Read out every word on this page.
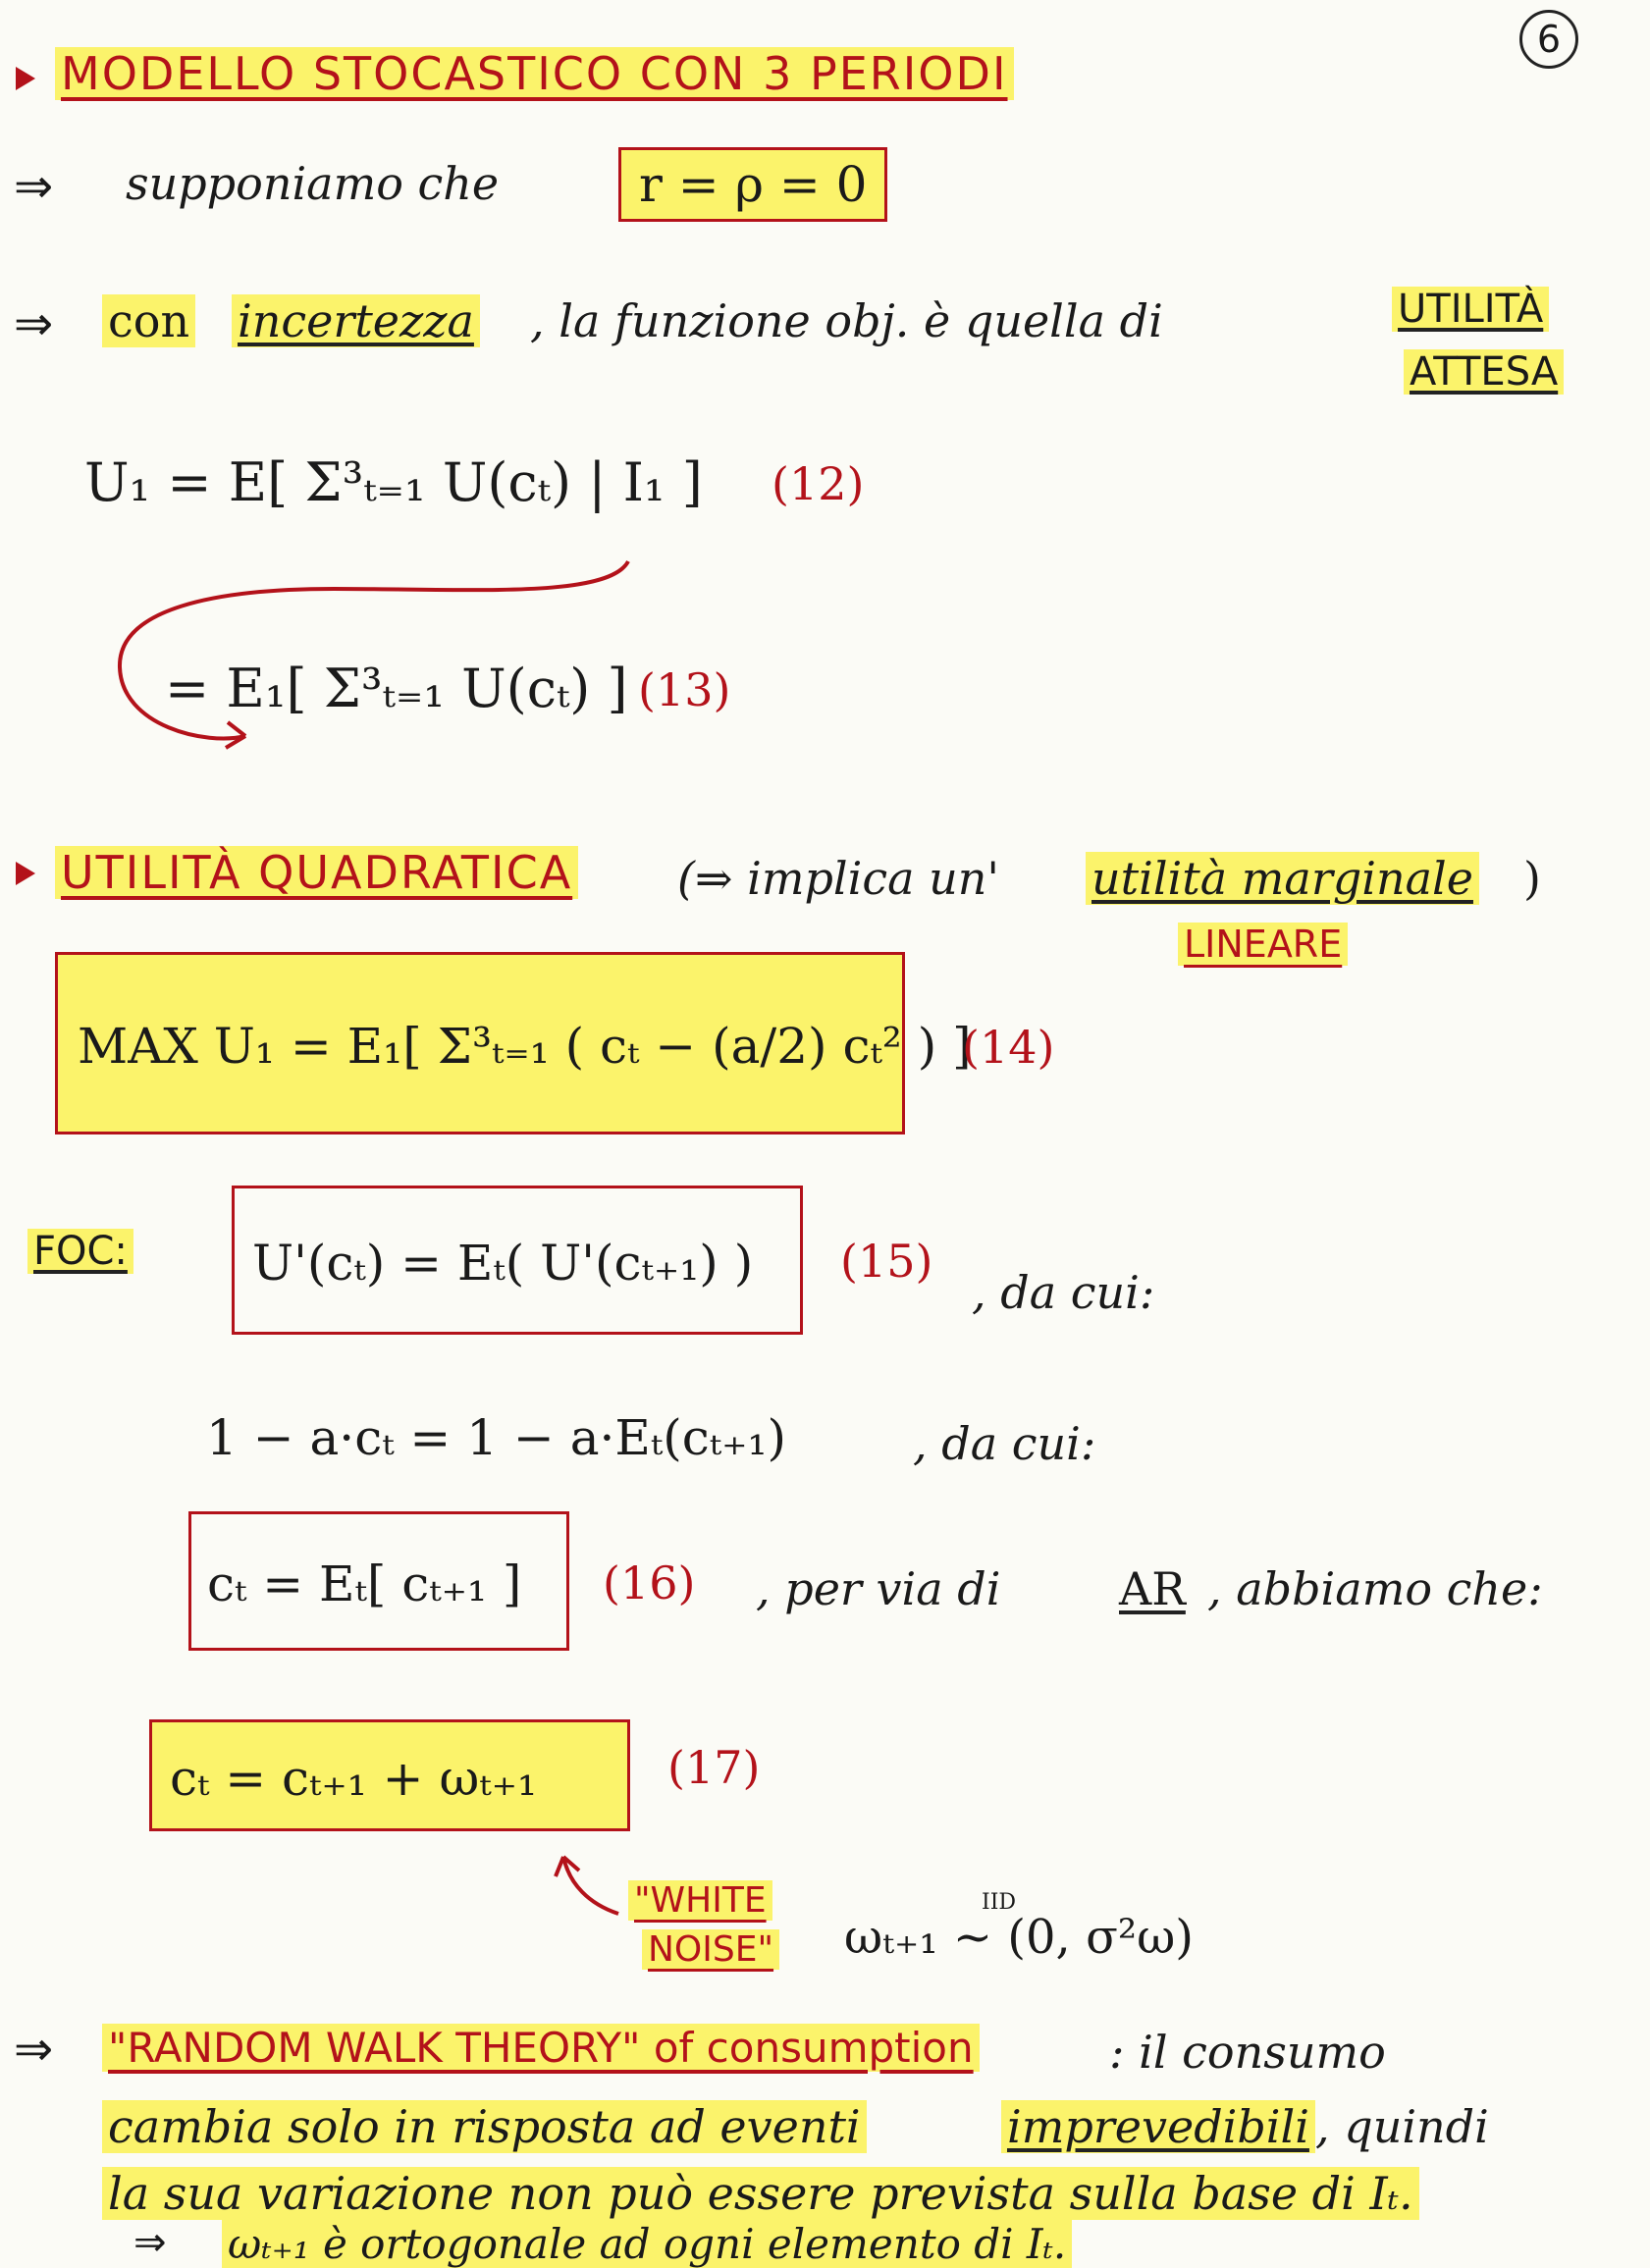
6
MODELLO STOCASTICO CON 3 PERIODI
⇒ supponiamo che	r = ρ = 0
⇒ con incertezza , la funzione obj. è quella di	UTILITÀ
ATTESA
U₁ = E[ Σ³ₜ₌₁ U(cₜ) | I₁ ] (12)
= E₁[ Σ³ₜ₌₁ U(cₜ) ] (13)
UTILITÀ QUADRATICA (⇒ implica un' utilità marginale )
LINEARE
MAX U₁ = E₁[ Σ³ₜ₌₁ ( cₜ − (a/2) cₜ² ) ]
(14)
FOC:	U'(cₜ) = Eₜ( U'(cₜ₊₁) )	(15)
, da cui:
1 − a·cₜ = 1 − a·Eₜ(cₜ₊₁)	, da cui:
cₜ = Eₜ[ cₜ₊₁ ]	(16) , per via di	AR , abbiamo che:
cₜ = cₜ₊₁ + ωₜ₊₁	(17)
"WHITE
NOISE"
IID
ωₜ₊₁ ~ (0, σ²ω)
⇒ "RANDOM WALK THEORY" of consumption	: il consumo
cambia solo in risposta ad eventi	imprevedibili , quindi
la sua variazione non può essere prevista sulla base di Iₜ.
⇒ ωₜ₊₁ è ortogonale ad ogni elemento di Iₜ.
